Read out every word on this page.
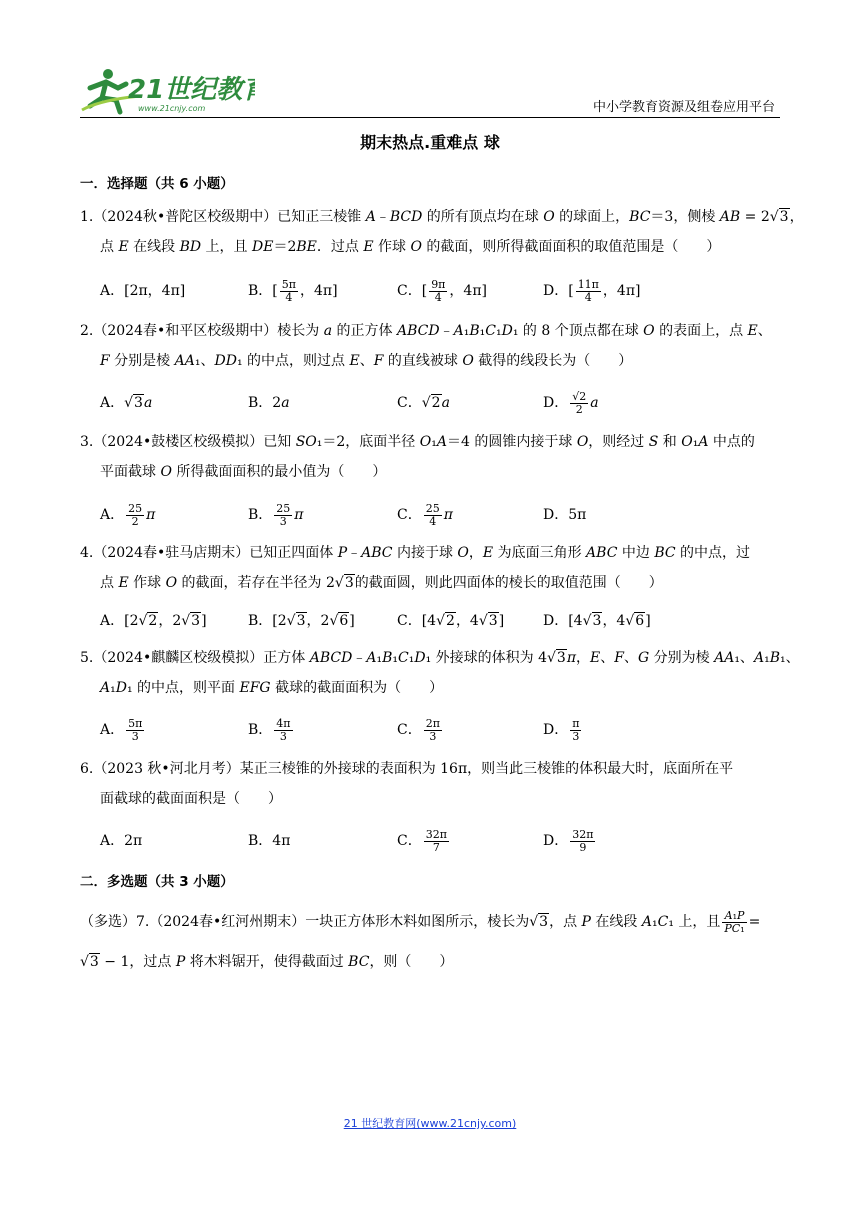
21世纪教育
www.21cnjy.com	中小学教育资源及组卷应用平台
期末热点.重难点 球
一．选择题（共 6 小题）
1.（2024秋•普陀区校级期中）已知正三棱锥 A﹣BCD 的所有顶点均在球 O 的球面上，BC＝3，侧棱 AB = 2√3，
点 E 在线段 BD 上，且 DE＝2BE．过点 E 作球 O 的截面，则所得截面面积的取值范围是（　　）
A．[2π，4π]	B．[ $\frac{5\pi}{4}$ ，4π]	C．[ $\frac{9\pi}{4}$ ，4π]	D．[ $\frac{11\pi}{4}$ ，4π]
2.（2024春•和平区校级期中）棱长为 a 的正方体 ABCD﹣A₁B₁C₁D₁ 的 8 个顶点都在球 O 的表面上，点 E、
F 分别是棱 AA₁、DD₁ 的中点，则过点 E、F 的直线被球 O 截得的线段长为（　　）
A．√3a	B．2a	C．√2a	D． $\frac{√2}{2}$ a
3.（2024•鼓楼区校级模拟）已知 SO₁＝2，底面半径 O₁A＝4 的圆锥内接于球 O，则经过 S 和 O₁A 中点的
平面截球 O 所得截面面积的最小值为（　　）
A． $\frac{25}{2}$ π	B． $\frac{25}{3}$ π	C． $\frac{25}{4}$ π	D．5π
4.（2024春•驻马店期末）已知正四面体 P﹣ABC 内接于球 O，E 为底面三角形 ABC 中边 BC 的中点，过
点 E 作球 O 的截面，若存在半径为 2√3的截面圆，则此四面体的棱长的取值范围（　　）
A．[2√2，2√3]	B．[2√3，2√6]	C．[4√2，4√3]	D．[4√3，4√6]
5.（2024•麒麟区校级模拟）正方体 ABCD﹣A₁B₁C₁D₁ 外接球的体积为 4√3π，E、F、G 分别为棱 AA₁、A₁B₁、
A₁D₁ 的中点，则平面 EFG 截球的截面面积为（　　）
A． $\frac{5\pi}{3}$	B． $\frac{4\pi}{3}$	C． $\frac{2\pi}{3}$	D． $\frac{\pi}{3}$
6.（2023 秋•河北月考）某正三棱锥的外接球的表面积为 16π，则当此三棱锥的体积最大时，底面所在平
面截球的截面面积是（　　）
A．2π	B．4π	C． $\frac{32\pi}{7}$	D． $\frac{32\pi}{9}$
二．多选题（共 3 小题）
（多选）7.（2024春•红河州期末）一块正方体形木料如图所示，棱长为√3，点 P 在线段 A₁C₁ 上，且 $\frac{\text{A₁P}}{\text{PC₁}}$ =
√3 − 1，过点 P 将木料锯开，使得截面过 BC，则（　　）
21 世纪教育网(www.21cnjy.com)
